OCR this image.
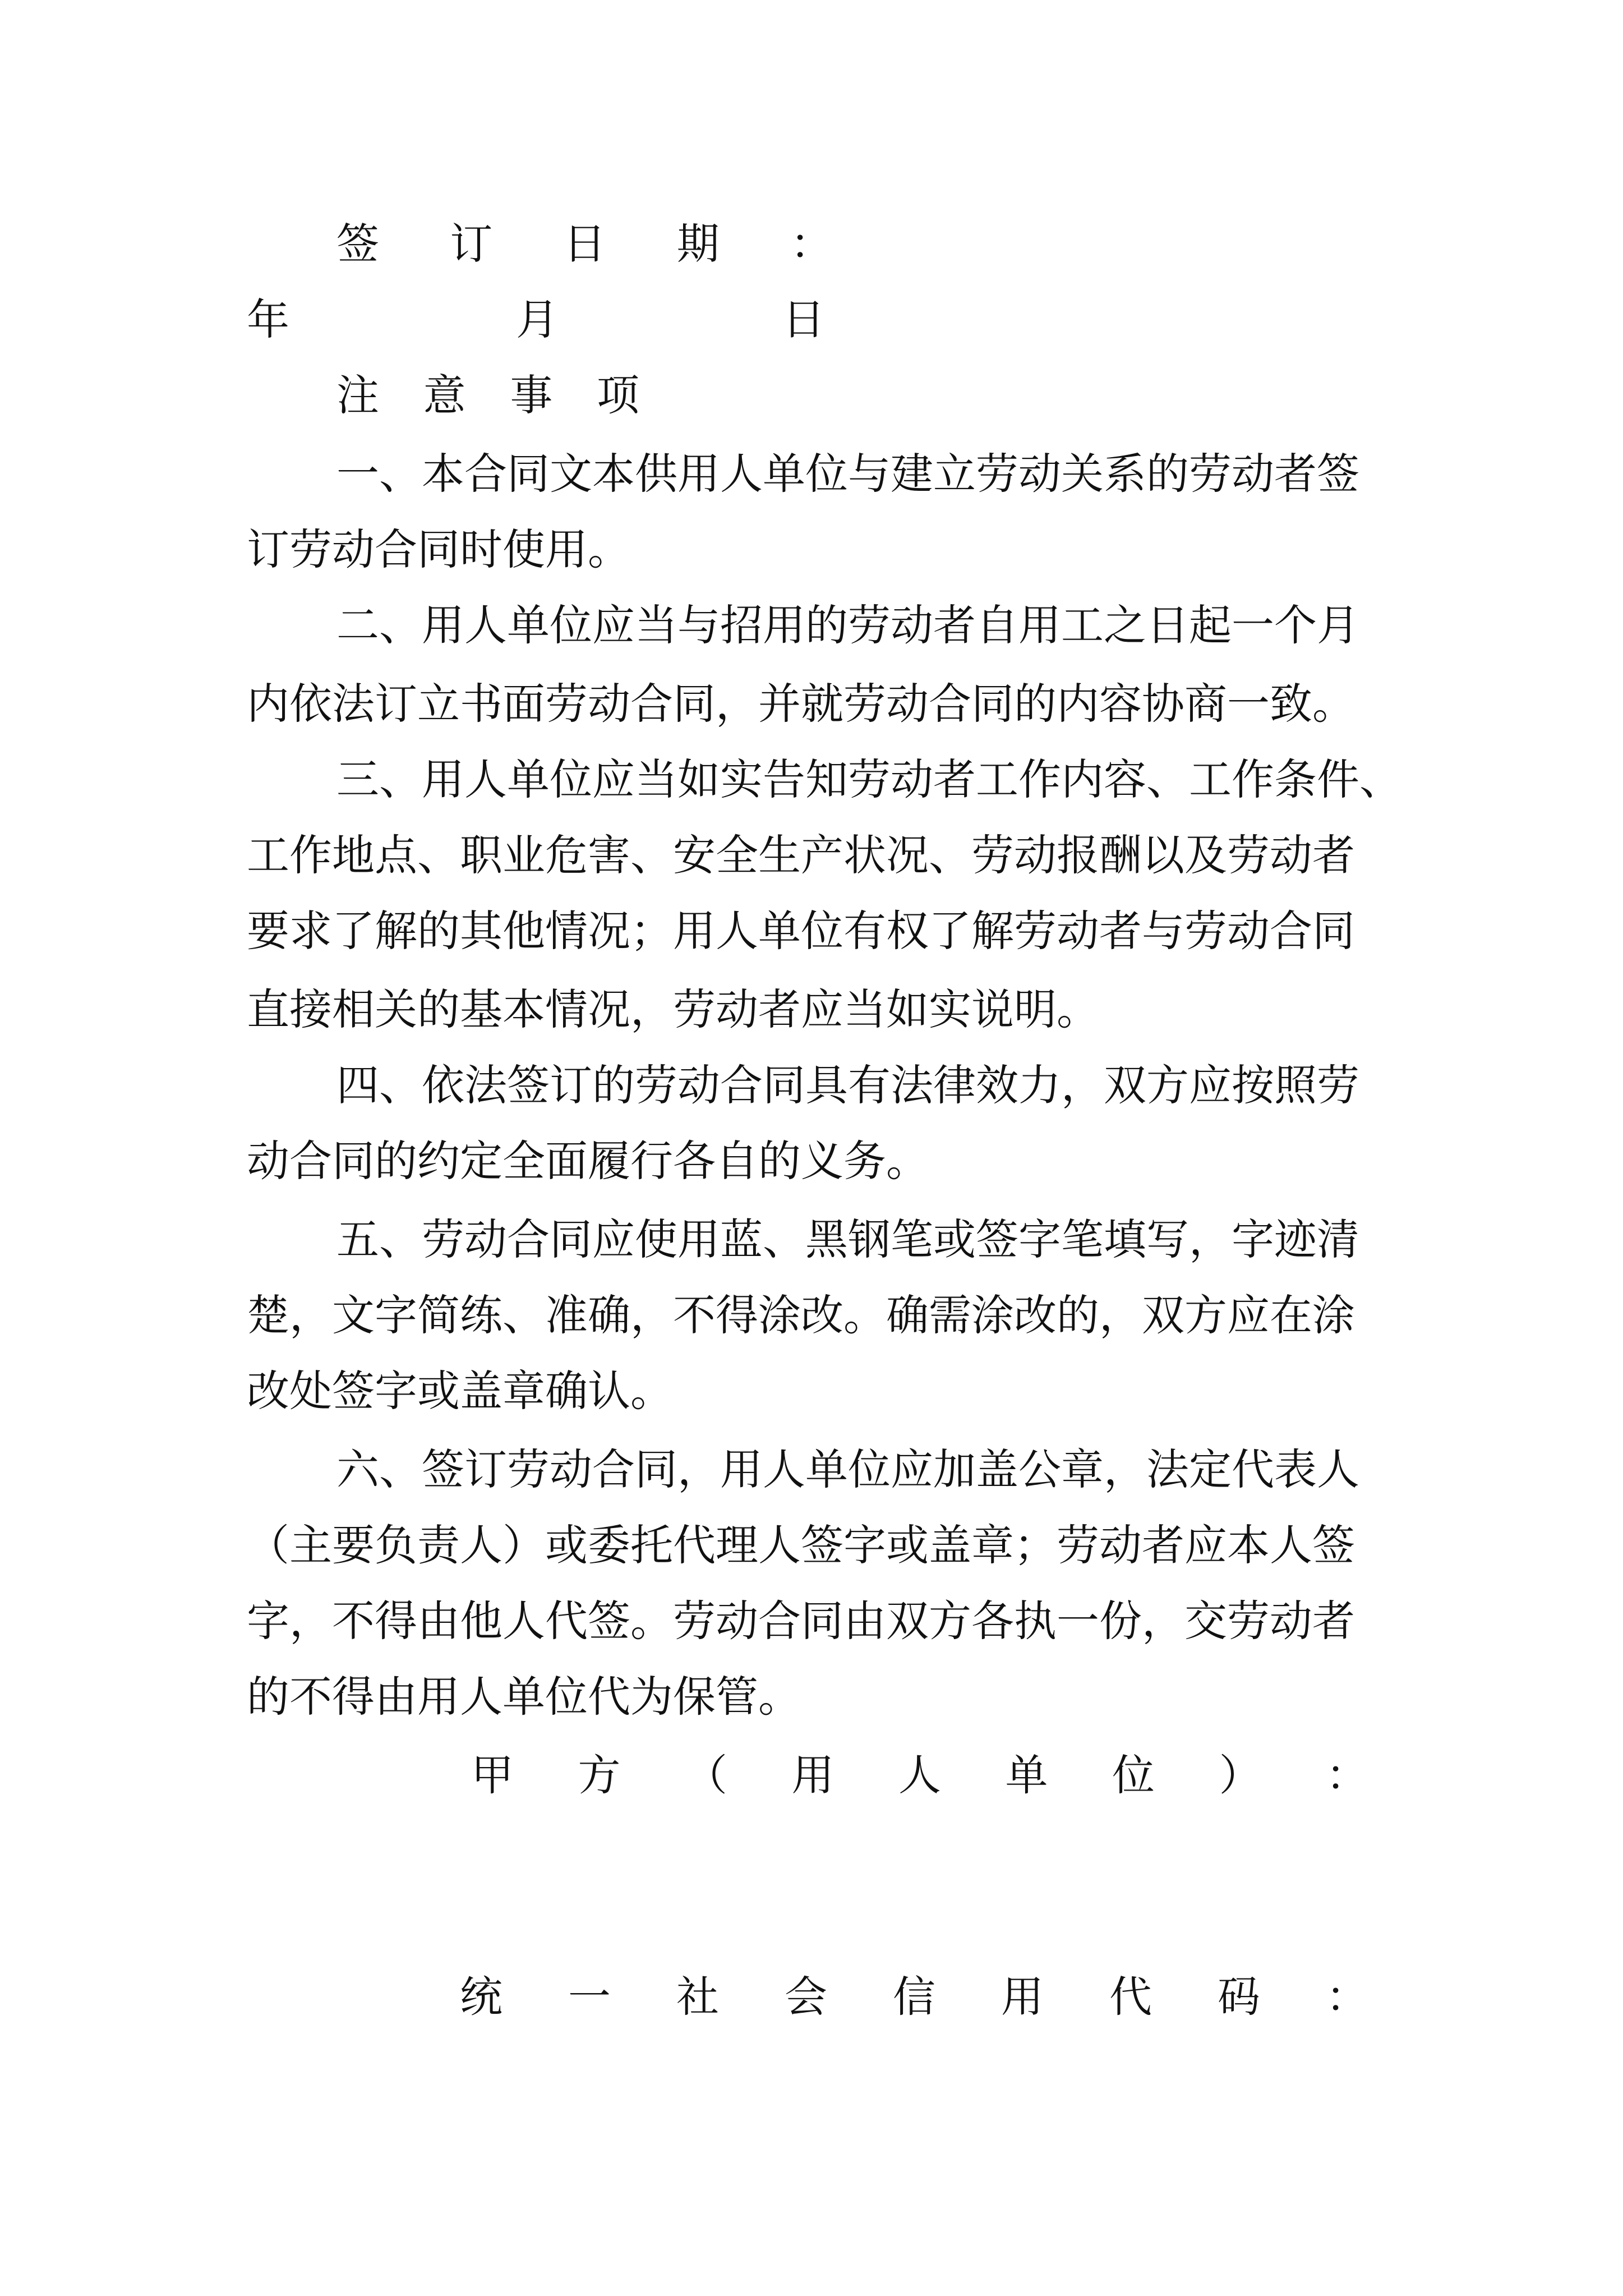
签 订 日 期 ：
年	月	日
注 意 事 项
一、本合同文本供用人单位与建立劳动关系的劳动者签
订劳动合同时使用。
二、用人单位应当与招用的劳动者自用工之日起一个月
内依法订立书面劳动合同，并就劳动合同的内容协商一致。
三、用人单位应当如实告知劳动者工作内容、工作条件、
工作地点、职业危害、安全生产状况、劳动报酬以及劳动者
要求了解的其他情况；用人单位有权了解劳动者与劳动合同
直接相关的基本情况，劳动者应当如实说明。
四、依法签订的劳动合同具有法律效力，双方应按照劳
动合同的约定全面履行各自的义务。
五、劳动合同应使用蓝、黑钢笔或签字笔填写，字迹清
楚，文字简练、准确，不得涂改。确需涂改的，双方应在涂
改处签字或盖章确认。
六、签订劳动合同，用人单位应加盖公章，法定代表人
（主要负责人）或委托代理人签字或盖章；劳动者应本人签
字，不得由他人代签。劳动合同由双方各执一份，交劳动者
的不得由用人单位代为保管。
甲 方 （ 用 人 单 位 ） ：
统 一 社 会 信 用 代 码 ：
